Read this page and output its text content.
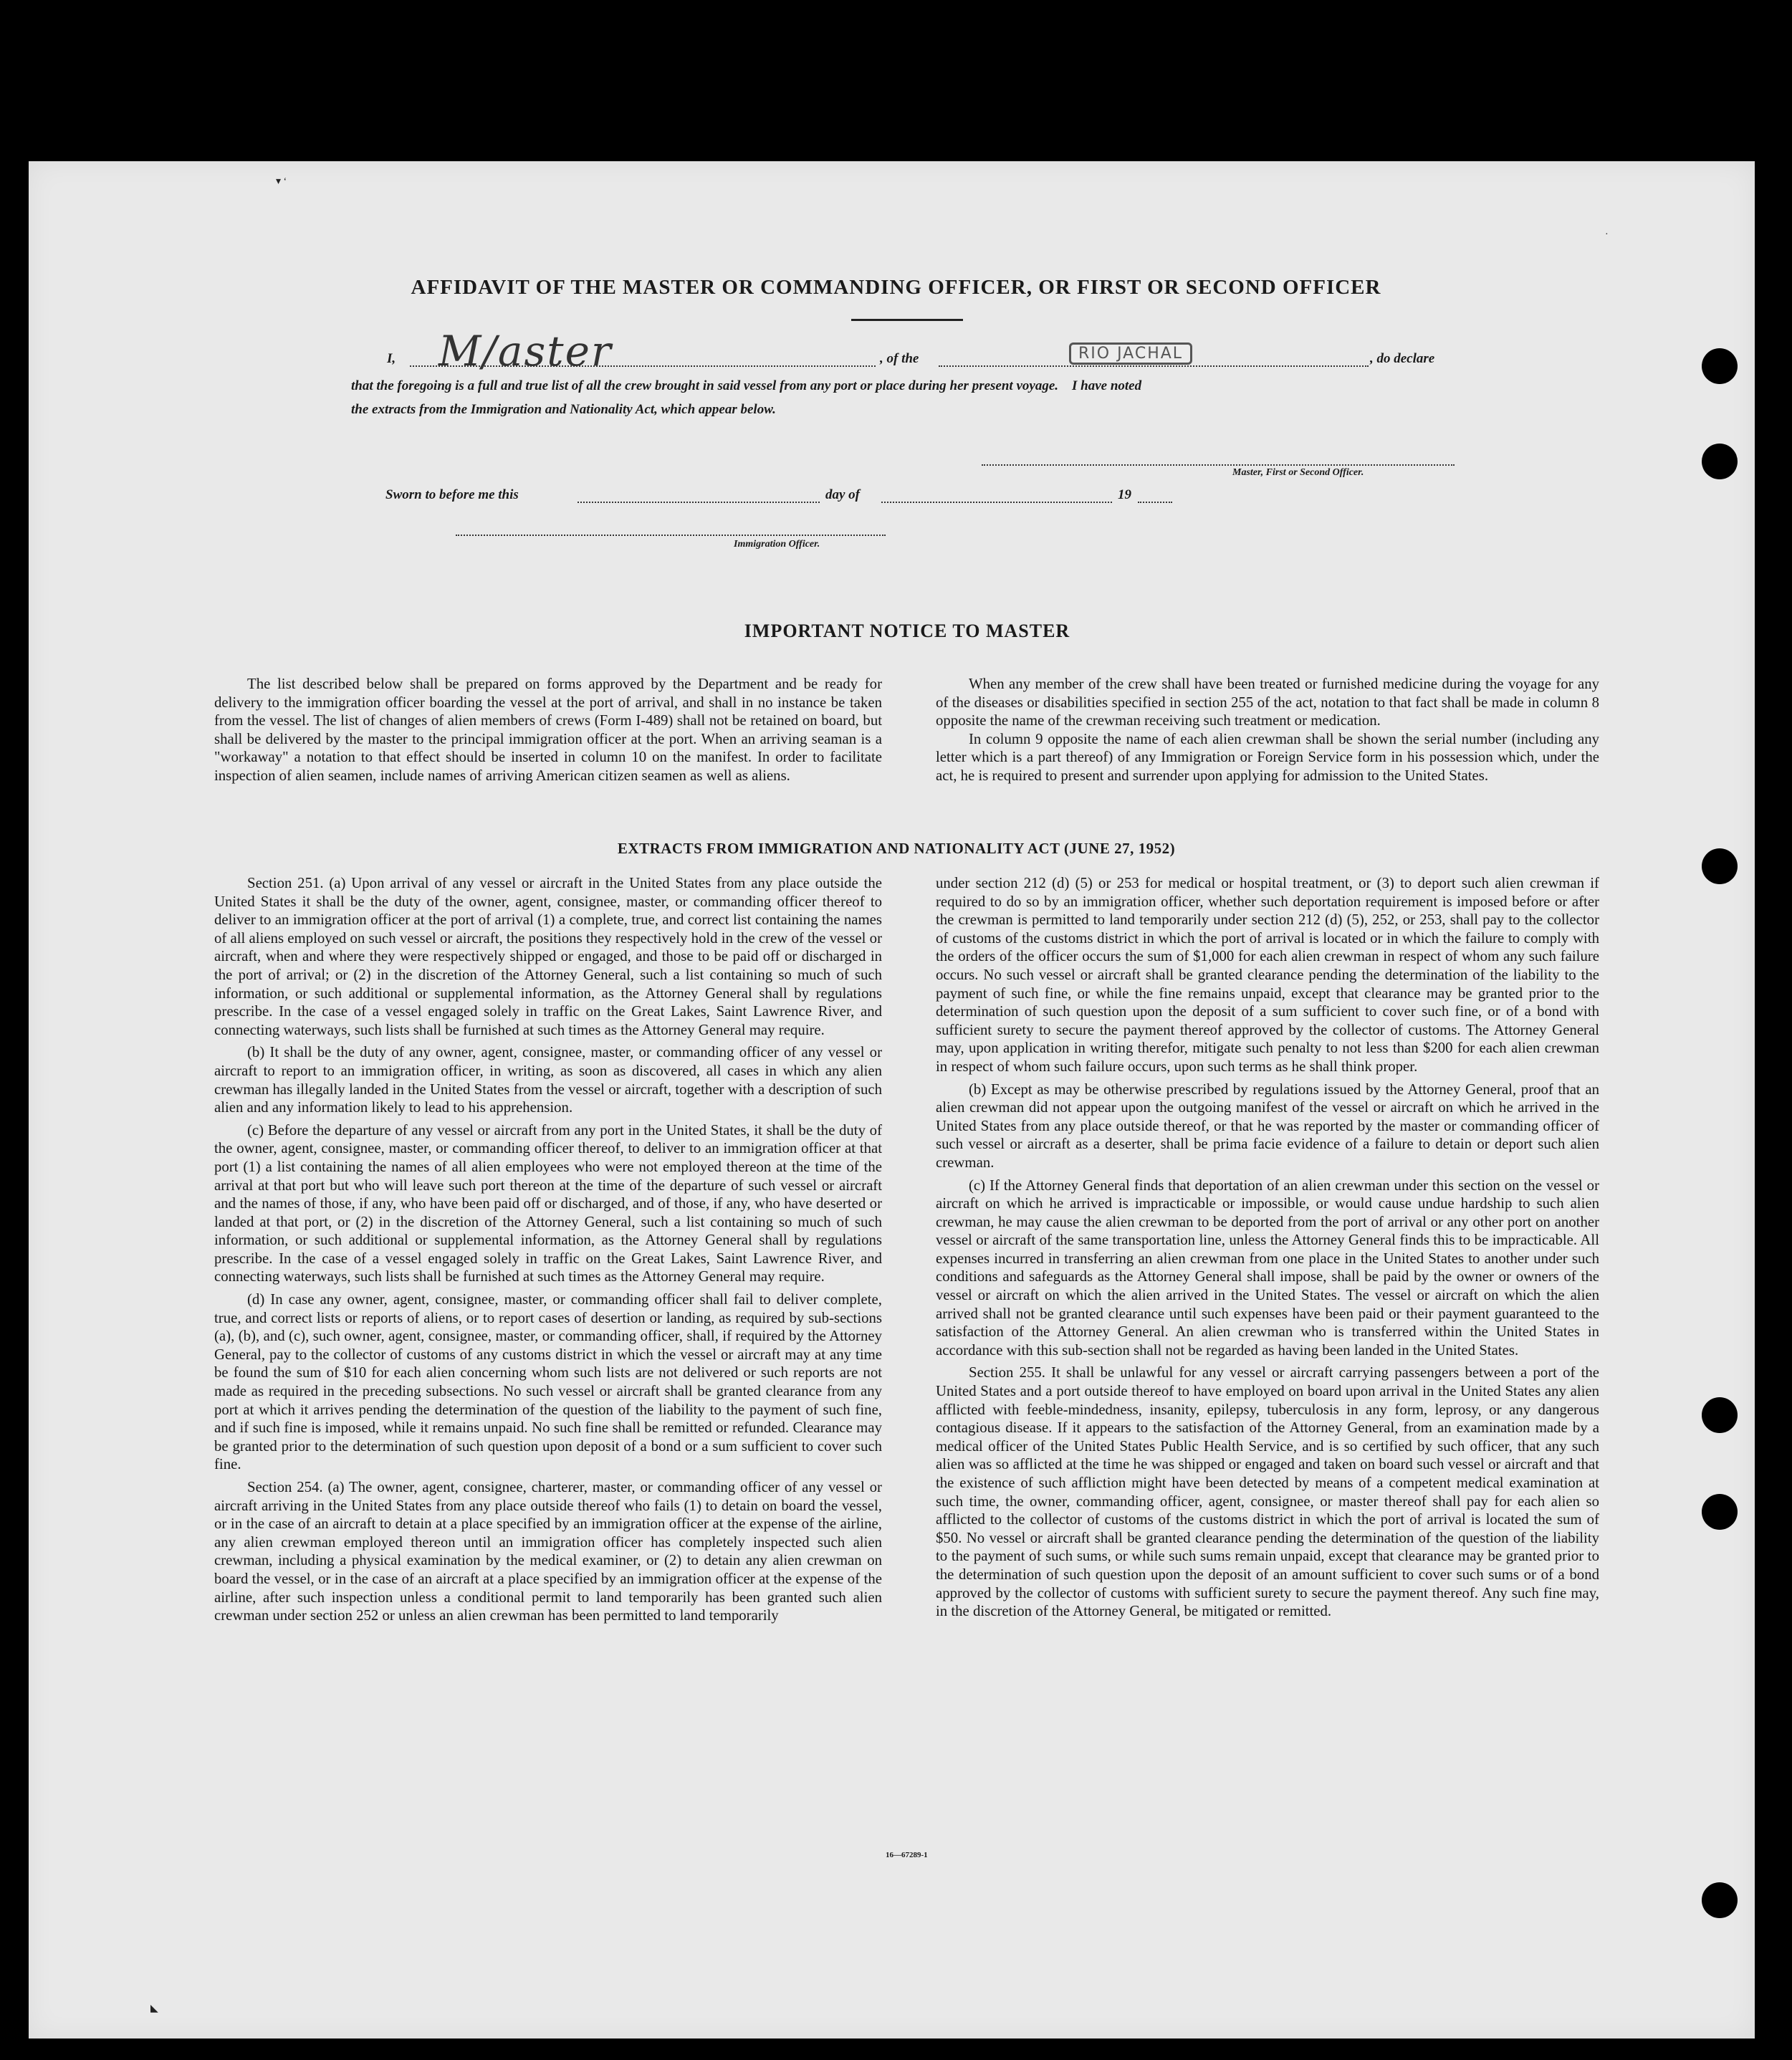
▾ ‘
·
◣
AFFIDAVIT OF THE MASTER OR COMMANDING OFFICER, OR FIRST OR SECOND OFFICER
I, M/aster	, of the	RIO JACHAL	, do declare
that the foregoing is a full and true list of all the crew brought in said vessel from any port or place during her present voyage.    I have noted
the extracts from the Immigration and Nationality Act, which appear below.
Master, First or Second Officer.
Sworn to before me this	day of	19
Immigration Officer.
IMPORTANT NOTICE TO MASTER

The list described below shall be prepared on forms approved by the Department and be ready for delivery to the immigration officer boarding the vessel at the port of arrival, and shall in no instance be taken from the vessel. The list of changes of alien members of crews (Form I-489) shall not be retained on board, but shall be delivered by the master to the principal immigration officer at the port. When an arriving seaman is a "workaway" a notation to that effect should be inserted in column 10 on the manifest. In order to facilitate inspection of alien seamen, include names of arriving American citizen seamen as well as aliens.

When any member of the crew shall have been treated or furnished medicine during the voyage for any of the diseases or disabilities specified in section 255 of the act, notation to that fact shall be made in column 8 opposite the name of the crewman receiving such treatment or medication.

In column 9 opposite the name of each alien crewman shall be shown the serial number (including any letter which is a part thereof) of any Immigration or Foreign Service form in his possession which, under the act, he is required to present and surrender upon applying for admission to the United States.

EXTRACTS FROM IMMIGRATION AND NATIONALITY ACT (JUNE 27, 1952)

Section 251. (a) Upon arrival of any vessel or aircraft in the United States from any place outside the United States it shall be the duty of the owner, agent, consignee, master, or commanding officer thereof to deliver to an immigration officer at the port of arrival (1) a complete, true, and correct list containing the names of all aliens employed on such vessel or aircraft, the positions they respectively hold in the crew of the vessel or aircraft, when and where they were respectively shipped or engaged, and those to be paid off or discharged in the port of arrival; or (2) in the discretion of the Attorney General, such a list containing so much of such information, or such additional or supplemental information, as the Attorney General shall by regulations prescribe. In the case of a vessel engaged solely in traffic on the Great Lakes, Saint Lawrence River, and connecting waterways, such lists shall be furnished at such times as the Attorney General may require.

(b) It shall be the duty of any owner, agent, consignee, master, or commanding officer of any vessel or aircraft to report to an immigration officer, in writing, as soon as discovered, all cases in which any alien crewman has illegally landed in the United States from the vessel or aircraft, together with a description of such alien and any information likely to lead to his apprehension.

(c) Before the departure of any vessel or aircraft from any port in the United States, it shall be the duty of the owner, agent, consignee, master, or commanding officer thereof, to deliver to an immigration officer at that port (1) a list containing the names of all alien employees who were not employed thereon at the time of the arrival at that port but who will leave such port thereon at the time of the departure of such vessel or aircraft and the names of those, if any, who have been paid off or discharged, and of those, if any, who have deserted or landed at that port, or (2) in the discretion of the Attorney General, such a list containing so much of such information, or such additional or supplemental information, as the Attorney General shall by regulations prescribe. In the case of a vessel engaged solely in traffic on the Great Lakes, Saint Lawrence River, and connecting waterways, such lists shall be furnished at such times as the Attorney General may require.

(d) In case any owner, agent, consignee, master, or commanding officer shall fail to deliver complete, true, and correct lists or reports of aliens, or to report cases of desertion or landing, as required by sub-sections (a), (b), and (c), such owner, agent, consignee, master, or commanding officer, shall, if required by the Attorney General, pay to the collector of customs of any customs district in which the vessel or aircraft may at any time be found the sum of $10 for each alien concerning whom such lists are not delivered or such reports are not made as required in the preceding subsections. No such vessel or aircraft shall be granted clearance from any port at which it arrives pending the determination of the question of the liability to the payment of such fine, and if such fine is imposed, while it remains unpaid. No such fine shall be remitted or refunded. Clearance may be granted prior to the determination of such question upon deposit of a bond or a sum sufficient to cover such fine.

Section 254. (a) The owner, agent, consignee, charterer, master, or commanding officer of any vessel or aircraft arriving in the United States from any place outside thereof who fails (1) to detain on board the vessel, or in the case of an aircraft to detain at a place specified by an immigration officer at the expense of the airline, any alien crewman employed thereon until an immigration officer has completely inspected such alien crewman, including a physical examination by the medical examiner, or (2) to detain any alien crewman on board the vessel, or in the case of an aircraft at a place specified by an immigration officer at the expense of the airline, after such inspection unless a conditional permit to land temporarily has been granted such alien crewman under section 252 or unless an alien crewman has been permitted to land temporarily

under section 212 (d) (5) or 253 for medical or hospital treatment, or (3) to deport such alien crewman if required to do so by an immigration officer, whether such deportation requirement is imposed before or after the crewman is permitted to land temporarily under section 212 (d) (5), 252, or 253, shall pay to the collector of customs of the customs district in which the port of arrival is located or in which the failure to comply with the orders of the officer occurs the sum of $1,000 for each alien crewman in respect of whom any such failure occurs. No such vessel or aircraft shall be granted clearance pending the determination of the liability to the payment of such fine, or while the fine remains unpaid, except that clearance may be granted prior to the determination of such question upon the deposit of a sum sufficient to cover such fine, or of a bond with sufficient surety to secure the payment thereof approved by the collector of customs. The Attorney General may, upon application in writing therefor, mitigate such penalty to not less than $200 for each alien crewman in respect of whom such failure occurs, upon such terms as he shall think proper.

(b) Except as may be otherwise prescribed by regulations issued by the Attorney General, proof that an alien crewman did not appear upon the outgoing manifest of the vessel or aircraft on which he arrived in the United States from any place outside thereof, or that he was reported by the master or commanding officer of such vessel or aircraft as a deserter, shall be prima facie evidence of a failure to detain or deport such alien crewman.

(c) If the Attorney General finds that deportation of an alien crewman under this section on the vessel or aircraft on which he arrived is impracticable or impossible, or would cause undue hardship to such alien crewman, he may cause the alien crewman to be deported from the port of arrival or any other port on another vessel or aircraft of the same transportation line, unless the Attorney General finds this to be impracticable. All expenses incurred in transferring an alien crewman from one place in the United States to another under such conditions and safeguards as the Attorney General shall impose, shall be paid by the owner or owners of the vessel or aircraft on which the alien arrived in the United States. The vessel or aircraft on which the alien arrived shall not be granted clearance until such expenses have been paid or their payment guaranteed to the satisfaction of the Attorney General. An alien crewman who is transferred within the United States in accordance with this sub-section shall not be regarded as having been landed in the United States.

Section 255. It shall be unlawful for any vessel or aircraft carrying passengers between a port of the United States and a port outside thereof to have employed on board upon arrival in the United States any alien afflicted with feeble-mindedness, insanity, epilepsy, tuberculosis in any form, leprosy, or any dangerous contagious disease. If it appears to the satisfaction of the Attorney General, from an examination made by a medical officer of the United States Public Health Service, and is so certified by such officer, that any such alien was so afflicted at the time he was shipped or engaged and taken on board such vessel or aircraft and that the existence of such affliction might have been detected by means of a competent medical examination at such time, the owner, commanding officer, agent, consignee, or master thereof shall pay for each alien so afflicted to the collector of customs of the customs district in which the port of arrival is located the sum of $50. No vessel or aircraft shall be granted clearance pending the determination of the question of the liability to the payment of such sums, or while such sums remain unpaid, except that clearance may be granted prior to the determination of such question upon the deposit of an amount sufficient to cover such sums or of a bond approved by the collector of customs with sufficient surety to secure the payment thereof. Any such fine may, in the discretion of the Attorney General, be mitigated or remitted.

16—67289-1
